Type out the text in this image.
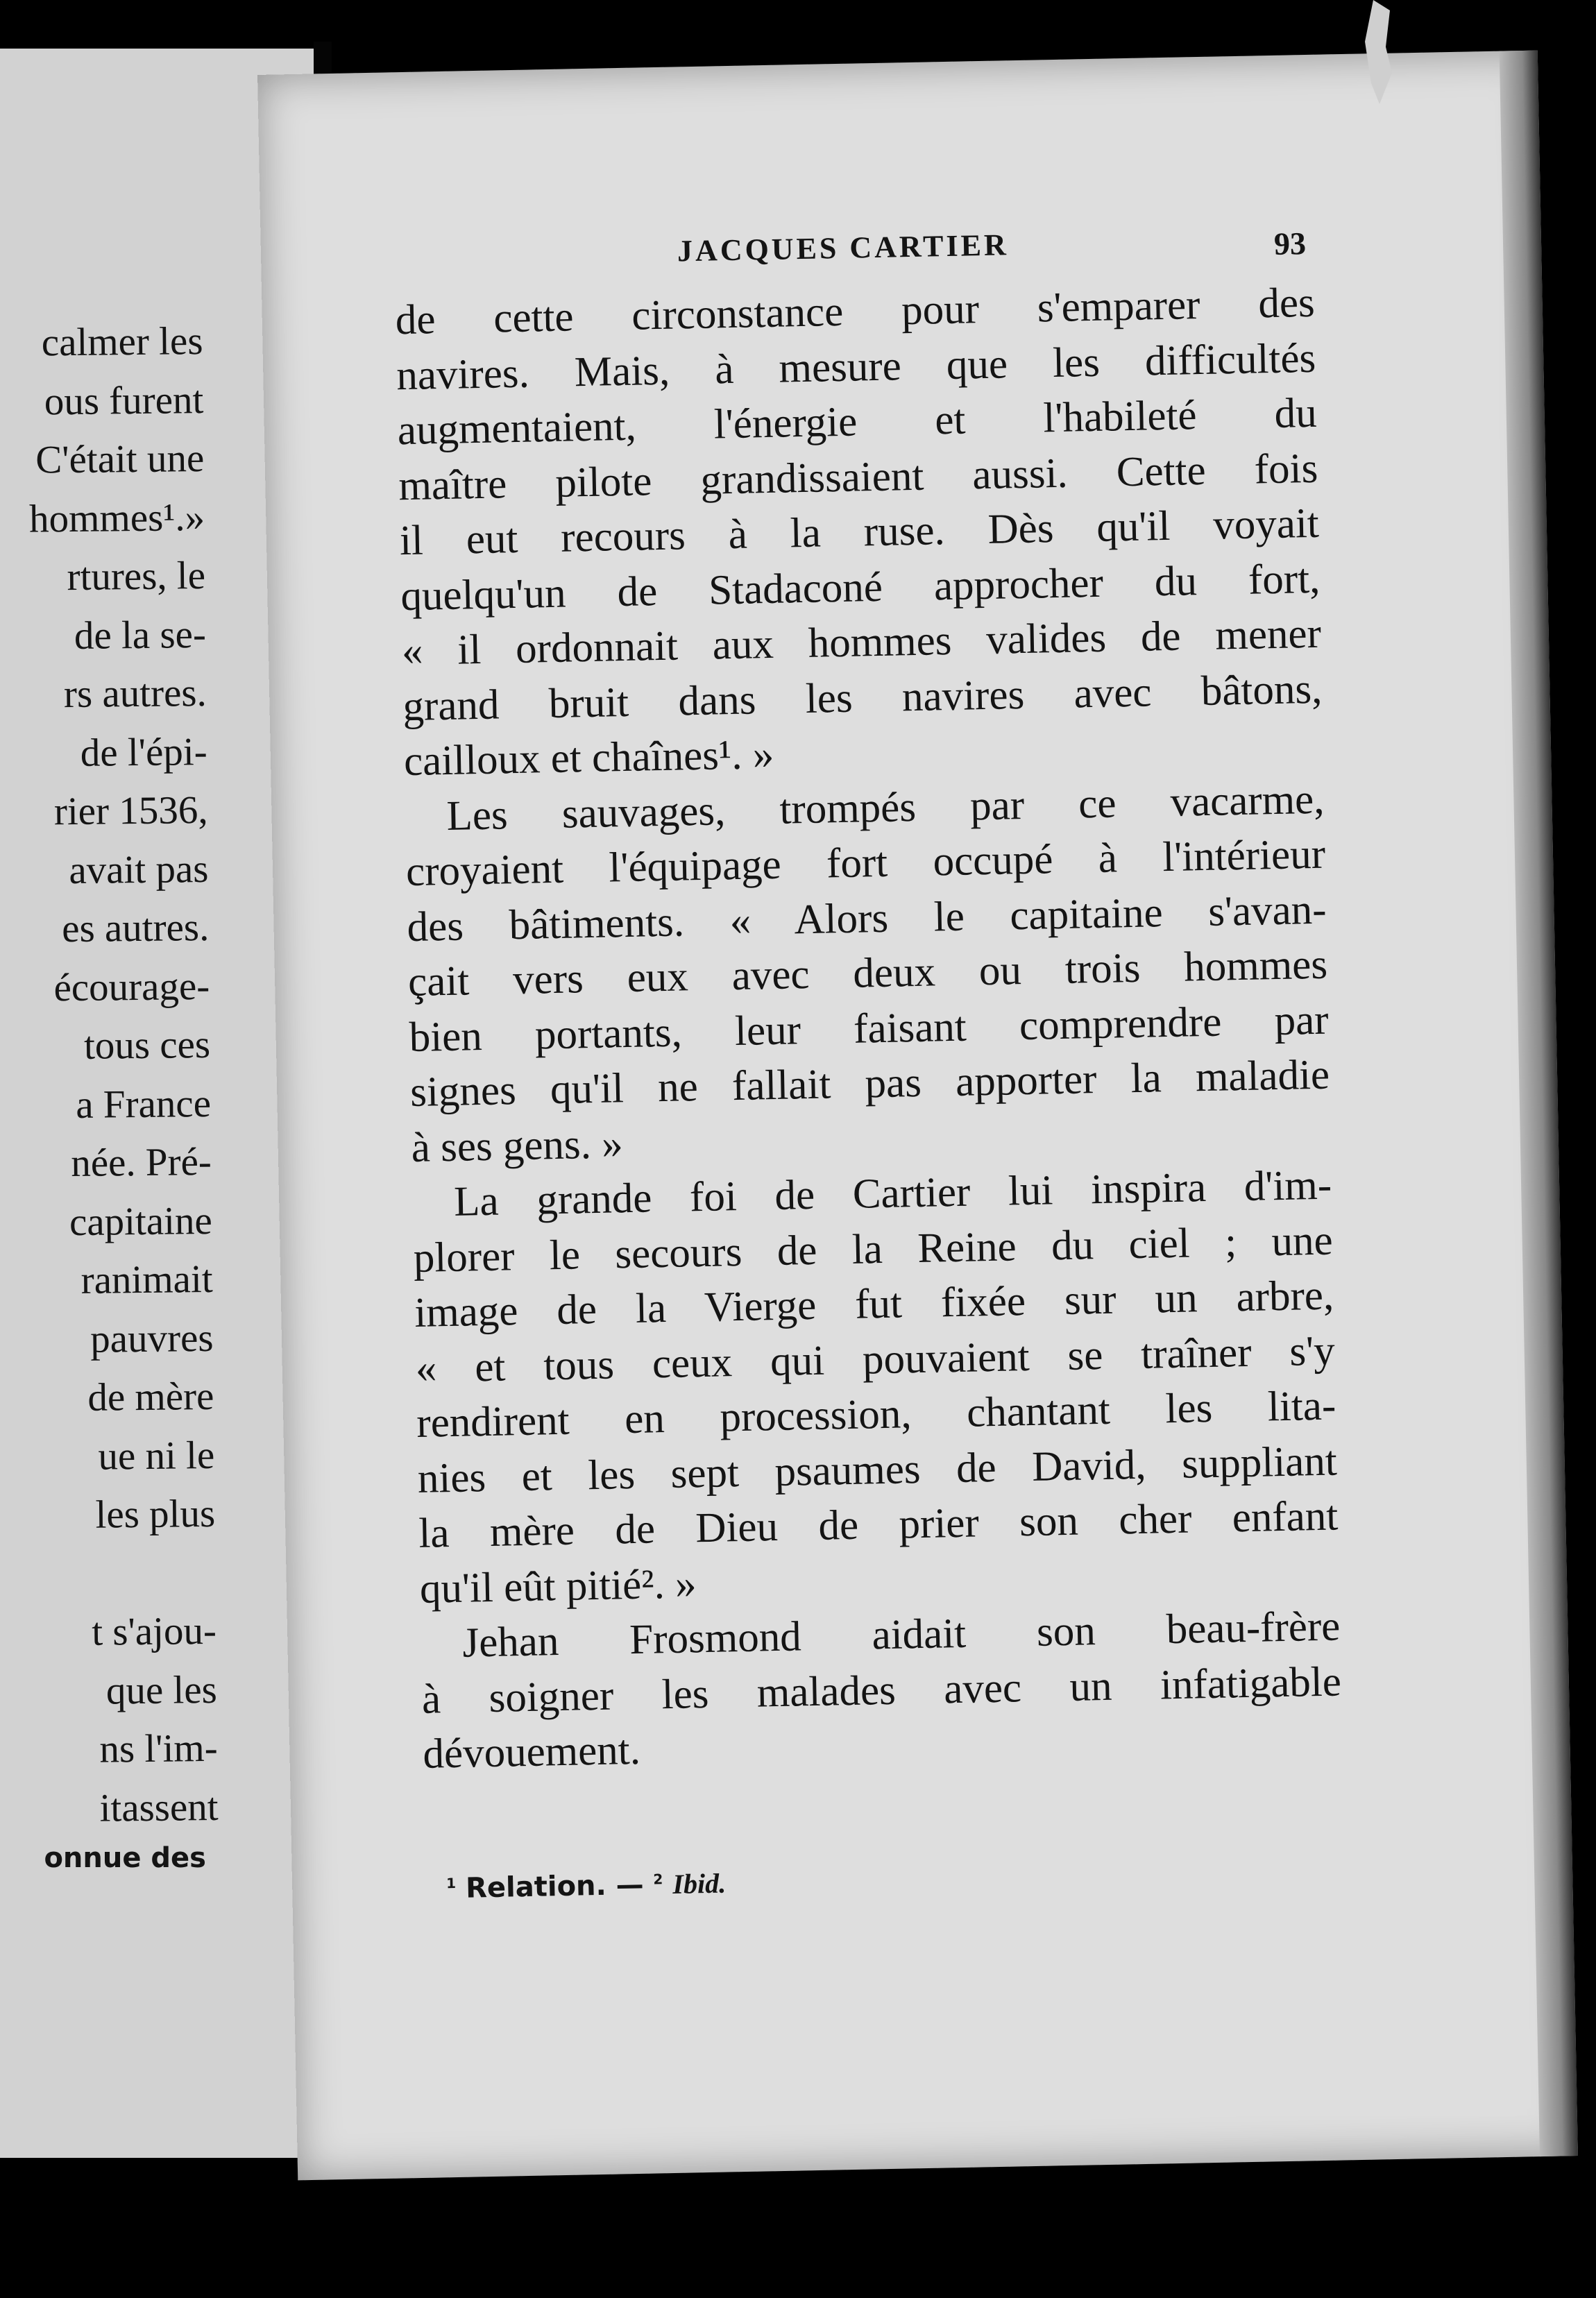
calmer les
ous furent
C'était une
hommes¹.»
rtures, le
de la se-
rs autres.
de l'épi-
rier 1536,
avait pas
es autres.
écourage-
tous ces
a France
née. Pré-
capitaine
ranimait
pauvres
de mère
ue ni le
les plus
t s'ajou-
que les
ns l'im-
itassent
onnue des
JACQUES CARTIER	93
de cette circonstance pour s'emparer des
navires. Mais, à mesure que les difficultés
augmentaient, l'énergie et l'habileté du
maître pilote grandissaient aussi. Cette fois
il eut recours à la ruse. Dès qu'il voyait
quelqu'un de Stadaconé approcher du fort,
« il ordonnait aux hommes valides de mener
grand bruit dans les navires avec bâtons,
cailloux et chaînes¹. »
Les sauvages, trompés par ce vacarme,
croyaient l'équipage fort occupé à l'intérieur
des bâtiments. « Alors le capitaine s'avan-
çait vers eux avec deux ou trois hommes
bien portants, leur faisant comprendre par
signes qu'il ne fallait pas apporter la maladie
à ses gens. »
La grande foi de Cartier lui inspira d'im-
plorer le secours de la Reine du ciel ; une
image de la Vierge fut fixée sur un arbre,
« et tous ceux qui pouvaient se traîner s'y
rendirent en procession, chantant les lita-
nies et les sept psaumes de David, suppliant
la mère de Dieu de prier son cher enfant
qu'il eût pitié². »
Jehan Frosmond aidait son beau-frère
à soigner les malades avec un infatigable
dévouement.
$^1$ Relation. — $^2$ Ibid.
